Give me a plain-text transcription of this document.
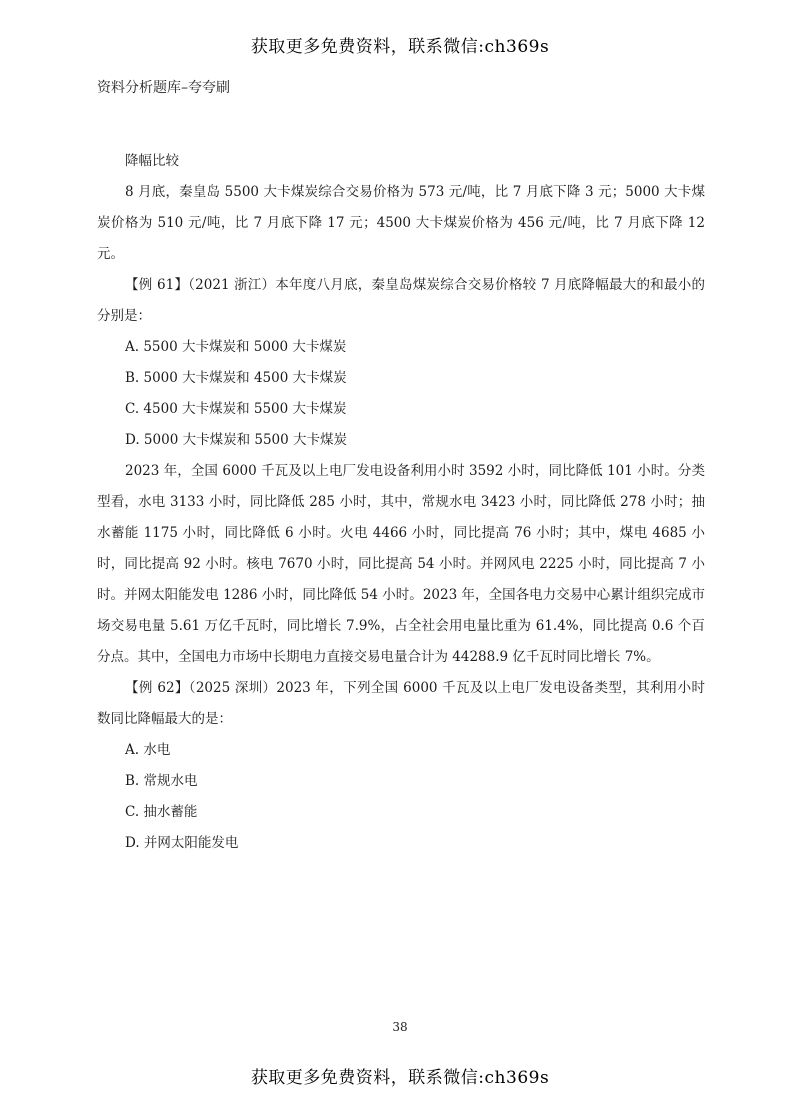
获取更多免费资料，联系微信:ch369s
资料分析题库–夸夸刷

降幅比较

8 月底，秦皇岛 5500 大卡煤炭综合交易价格为 573 元/吨，比 7 月底下降 3 元；5000 大卡煤炭价格为 510 元/吨，比 7 月底下降 17 元；4500 大卡煤炭价格为 456 元/吨，比 7 月底下降 12 元。

【例 61】（2021 浙江）本年度八月底，秦皇岛煤炭综合交易价格较 7 月底降幅最大的和最小的分别是：

A. 5500 大卡煤炭和 5000 大卡煤炭

B. 5000 大卡煤炭和 4500 大卡煤炭

C. 4500 大卡煤炭和 5500 大卡煤炭

D. 5000 大卡煤炭和 5500 大卡煤炭

2023 年，全国 6000 千瓦及以上电厂发电设备利用小时 3592 小时，同比降低 101 小时。分类型看，水电 3133 小时，同比降低 285 小时，其中，常规水电 3423 小时，同比降低 278 小时；抽水蓄能 1175 小时，同比降低 6 小时。火电 4466 小时，同比提高 76 小时；其中，煤电 4685 小时，同比提高 92 小时。核电 7670 小时，同比提高 54 小时。并网风电 2225 小时，同比提高 7 小时。并网太阳能发电 1286 小时，同比降低 54 小时。2023 年，全国各电力交易中心累计组织完成市场交易电量 5.61 万亿千瓦时，同比增长 7.9%，占全社会用电量比重为 61.4%，同比提高 0.6 个百分点。其中，全国电力市场中长期电力直接交易电量合计为 44288.9 亿千瓦时同比增长 7%。

【例 62】（2025 深圳）2023 年，下列全国 6000 千瓦及以上电厂发电设备类型，其利用小时数同比降幅最大的是：

A. 水电

B. 常规水电

C. 抽水蓄能

D. 并网太阳能发电

38
获取更多免费资料，联系微信:ch369s
